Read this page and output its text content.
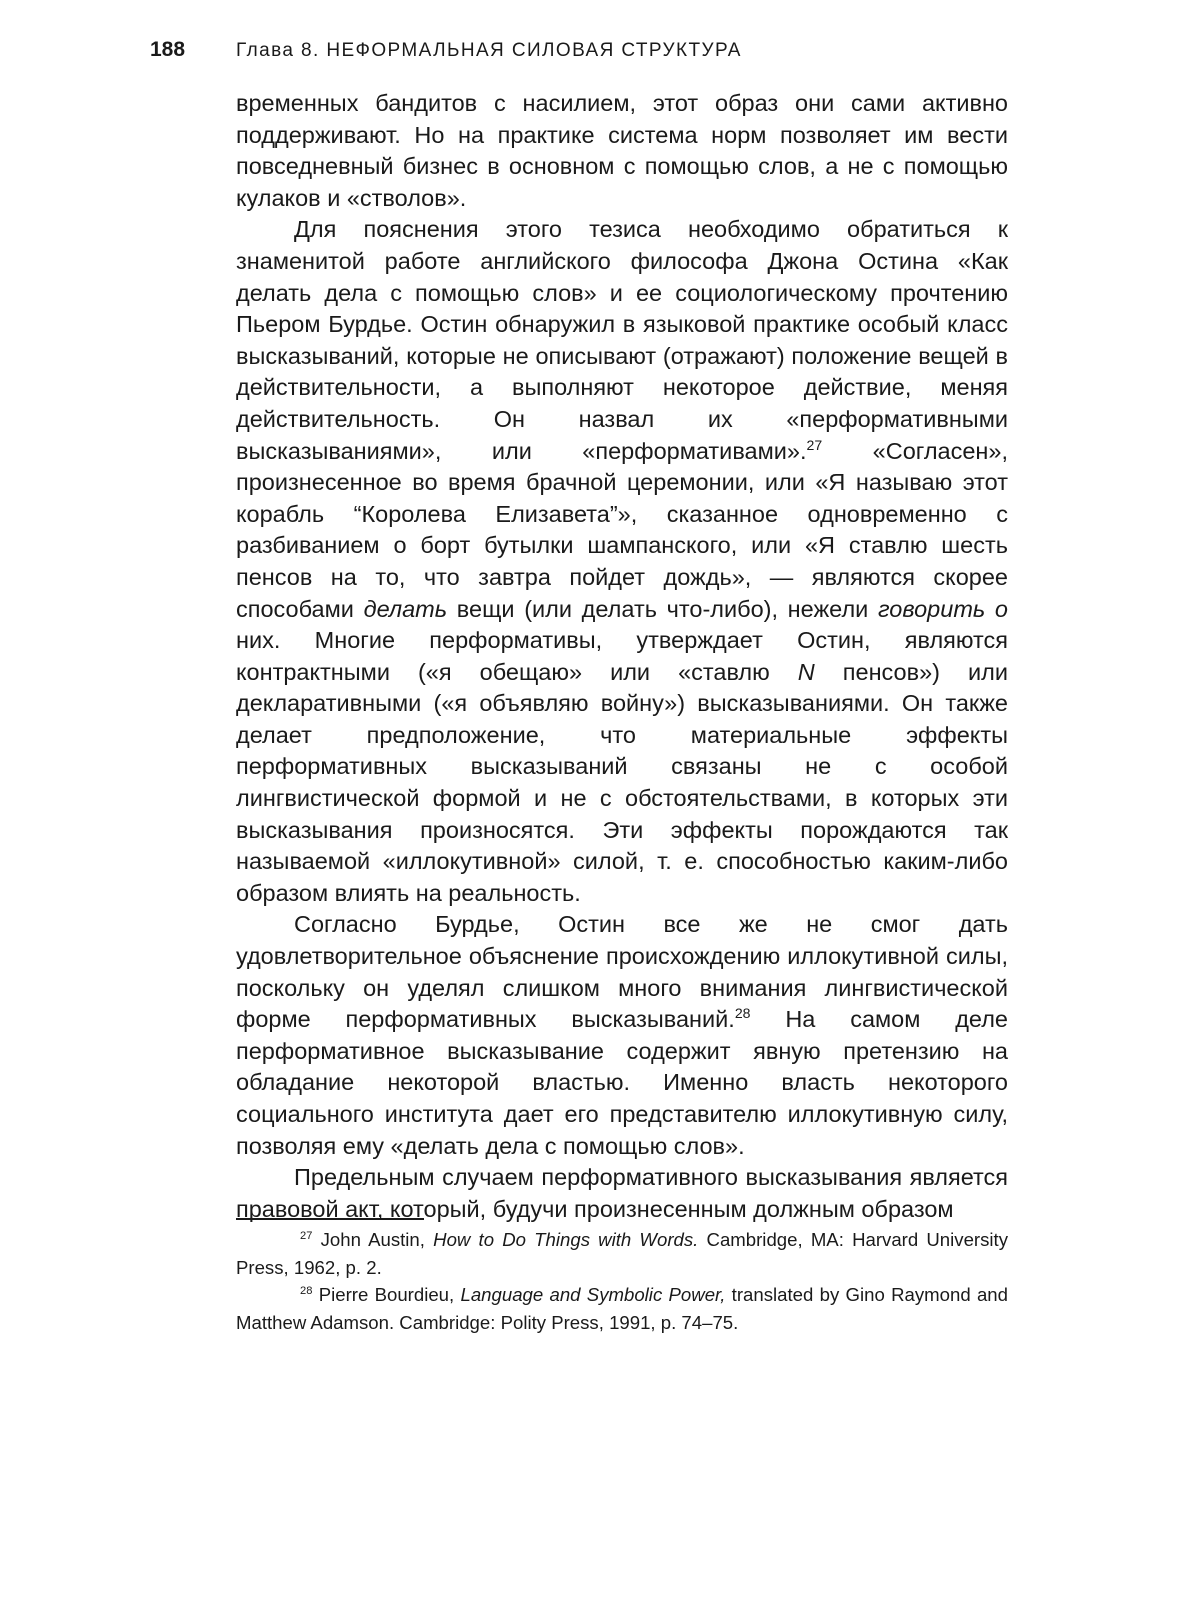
188	Глава 8. НЕФОРМАЛЬНАЯ СИЛОВАЯ СТРУКТУРА

временных бандитов с насилием, этот образ они сами активно поддерживают. Но на практике система норм позволяет им вести повседневный бизнес в основном с помощью слов, а не с помощью кулаков и «стволов».

Для пояснения этого тезиса необходимо обратиться к знаменитой работе английского философа Джона Остина «Как делать дела с помощью слов» и ее социологическому прочтению Пьером Бурдье. Остин обнаружил в языковой практике особый класс высказываний, которые не описывают (отражают) положение вещей в действительности, а выполняют некоторое действие, меняя действительность. Он назвал их «перформативными высказываниями», или «перформативами».$^{27}$ «Согласен», произнесенное во время брачной церемонии, или «Я называю этот корабль “Королева Елизавета”», сказанное одновременно с разбиванием о борт бутылки шампанского, или «Я ставлю шесть пенсов на то, что завтра пойдет дождь», — являются скорее способами делать вещи (или делать что-либо), нежели говорить о них. Многие перформативы, утверждает Остин, являются контрактными («я обещаю» или «ставлю N пенсов») или декларативными («я объявляю войну») высказываниями. Он также делает предположение, что материальные эффекты перформативных высказываний связаны не с особой лингвистической формой и не с обстоятельствами, в которых эти высказывания произносятся. Эти эффекты порождаются так называемой «иллокутивной» силой, т. е. способностью каким-либо образом влиять на реальность.

Согласно Бурдье, Остин все же не смог дать удовлетворительное объяснение происхождению иллокутивной силы, поскольку он уделял слишком много внимания лингвистической форме перформативных высказываний.$^{28}$ На самом деле перформативное высказывание содержит явную претензию на обладание некоторой властью. Именно власть некоторого социального института дает его представителю иллокутивную силу, позволяя ему «делать дела с помощью слов».

Предельным случаем перформативного высказывания является правовой акт, который, будучи произнесенным должным образом

$^{27}$ John Austin, How to Do Things with Words. Cambridge, MA: Harvard University Press, 1962, p. 2.

$^{28}$ Pierre Bourdieu, Language and Symbolic Power, translated by Gino Raymond and Matthew Adamson. Cambridge: Polity Press, 1991, p. 74–75.
